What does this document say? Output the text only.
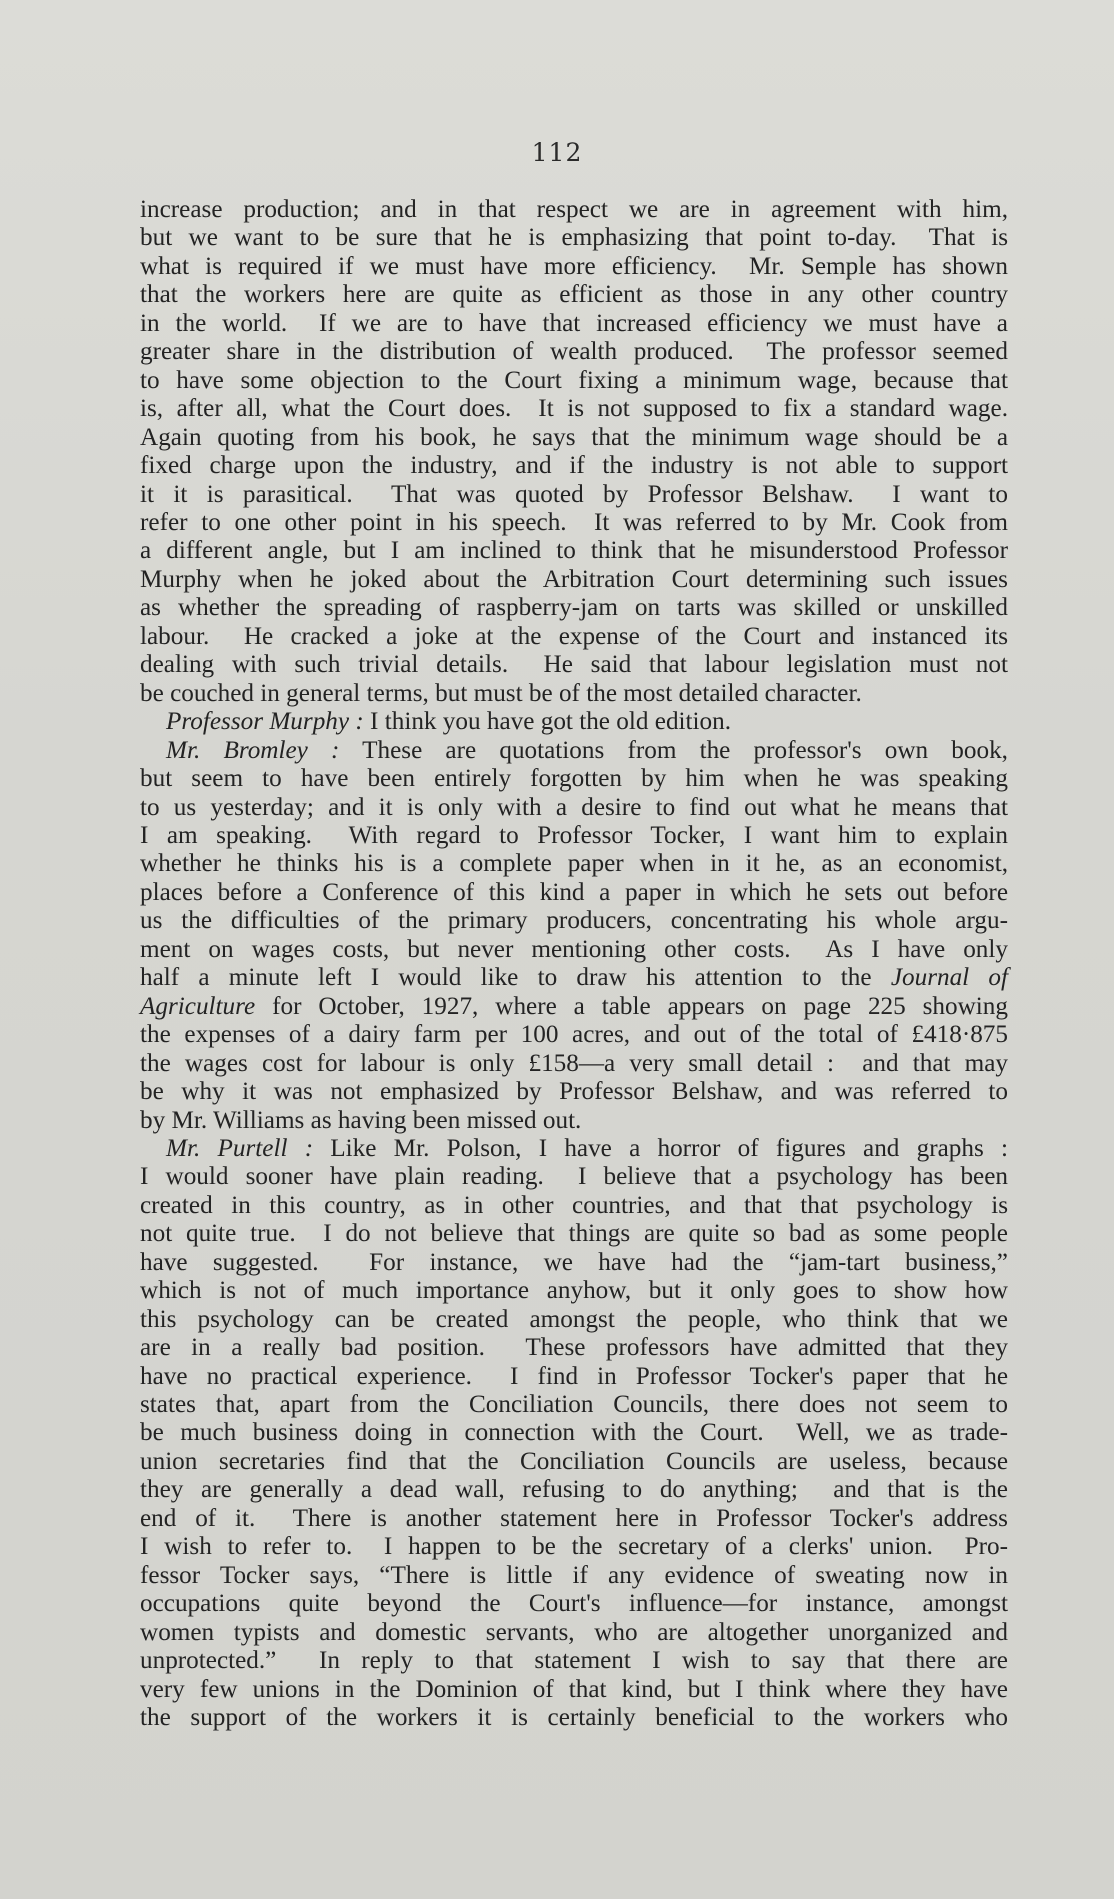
112
increase production; and in that respect we are in agreement with him,
but we want to be sure that he is emphasizing that point to-day.  That is
what is required if we must have more efficiency.  Mr. Semple has shown
that the workers here are quite as efficient as those in any other country
in the world.  If we are to have that increased efficiency we must have a
greater share in the distribution of wealth produced.  The professor seemed
to have some objection to the Court fixing a minimum wage, because that
is, after all, what the Court does.  It is not supposed to fix a standard wage.
Again quoting from his book, he says that the minimum wage should be a
fixed charge upon the industry, and if the industry is not able to support
it it is parasitical.  That was quoted by Professor Belshaw.  I want to
refer to one other point in his speech.  It was referred to by Mr. Cook from
a different angle, but I am inclined to think that he misunderstood Professor
Murphy when he joked about the Arbitration Court determining such issues
as whether the spreading of raspberry-jam on tarts was skilled or unskilled
labour.  He cracked a joke at the expense of the Court and instanced its
dealing with such trivial details.  He said that labour legislation must not
be couched in general terms, but must be of the most detailed character.
Professor Murphy : I think you have got the old edition.
Mr. Bromley : These are quotations from the professor's own book,
but seem to have been entirely forgotten by him when he was speaking
to us yesterday; and it is only with a desire to find out what he means that
I am speaking.  With regard to Professor Tocker, I want him to explain
whether he thinks his is a complete paper when in it he, as an economist,
places before a Conference of this kind a paper in which he sets out before
us the difficulties of the primary producers, concentrating his whole argu-
ment on wages costs, but never mentioning other costs.  As I have only
half a minute left I would like to draw his attention to the Journal of
Agriculture for October, 1927, where a table appears on page 225 showing
the expenses of a dairy farm per 100 acres, and out of the total of £418·875
the wages cost for labour is only £158—a very small detail :  and that may
be why it was not emphasized by Professor Belshaw, and was referred to
by Mr. Williams as having been missed out.
Mr. Purtell : Like Mr. Polson, I have a horror of figures and graphs :
I would sooner have plain reading.  I believe that a psychology has been
created in this country, as in other countries, and that that psychology is
not quite true.  I do not believe that things are quite so bad as some people
have suggested.  For instance, we have had the “jam-tart business,”
which is not of much importance anyhow, but it only goes to show how
this psychology can be created amongst the people, who think that we
are in a really bad position.  These professors have admitted that they
have no practical experience.  I find in Professor Tocker's paper that he
states that, apart from the Conciliation Councils, there does not seem to
be much business doing in connection with the Court.  Well, we as trade-
union secretaries find that the Conciliation Councils are useless, because
they are generally a dead wall, refusing to do anything;  and that is the
end of it.  There is another statement here in Professor Tocker's address
I wish to refer to.  I happen to be the secretary of a clerks' union.  Pro-
fessor Tocker says, “There is little if any evidence of sweating now in
occupations quite beyond the Court's influence—for instance, amongst
women typists and domestic servants, who are altogether unorganized and
unprotected.”  In reply to that statement I wish to say that there are
very few unions in the Dominion of that kind, but I think where they have
the support of the workers it is certainly beneficial to the workers who
